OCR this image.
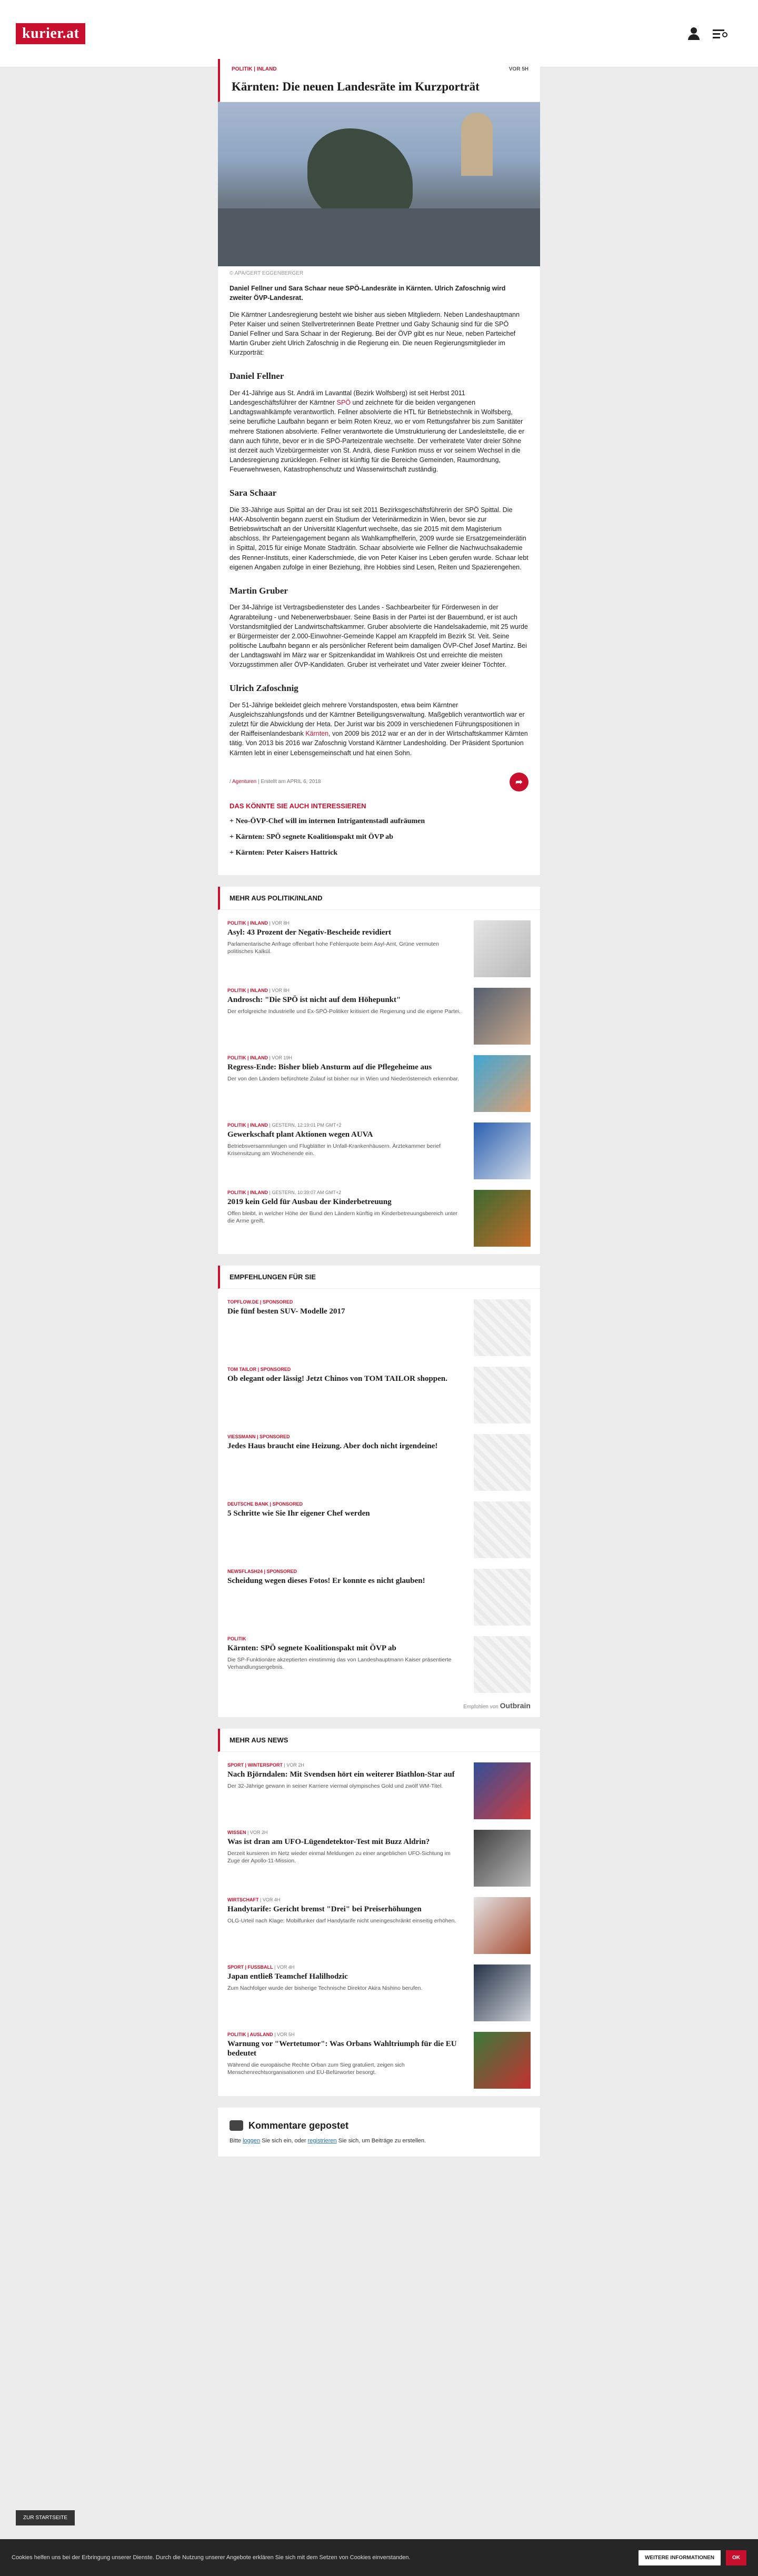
kurier.at
POLITIK | INLAND	VOR 5H
Kärnten: Die neuen Landesräte im Kurzporträt
© APA/GERT EGGENBERGER

Daniel Fellner und Sara Schaar neue SPÖ-Landesräte in Kärnten. Ulrich Zafoschnig wird zweiter ÖVP-Landesrat.

Die Kärntner Landesregierung besteht wie bisher aus sieben Mitgliedern. Neben Landeshauptmann Peter Kaiser und seinen Stellvertreterinnen Beate Prettner und Gaby Schaunig sind für die SPÖ Daniel Fellner und Sara Schaar in der Regierung. Bei der ÖVP gibt es nur Neue, neben Parteichef Martin Gruber zieht Ulrich Zafoschnig in die Regierung ein. Die neuen Regierungsmitglieder im Kurzporträt:

Daniel Fellner

Der 41-Jährige aus St. Andrä im Lavanttal (Bezirk Wolfsberg) ist seit Herbst 2011 Landesgeschäftsführer der Kärntner SPÖ und zeichnete für die beiden vergangenen Landtagswahlkämpfe verantwortlich. Fellner absolvierte die HTL für Betriebstechnik in Wolfsberg, seine berufliche Laufbahn begann er beim Roten Kreuz, wo er vom Rettungsfahrer bis zum Sanitäter mehrere Stationen absolvierte. Fellner verantwortete die Umstrukturierung der Landesleitstelle, die er dann auch führte, bevor er in die SPÖ-Parteizentrale wechselte. Der verheiratete Vater dreier Söhne ist derzeit auch Vizebürgermeister von St. Andrä, diese Funktion muss er vor seinem Wechsel in die Landesregierung zurücklegen. Fellner ist künftig für die Bereiche Gemeinden, Raumordnung, Feuerwehrwesen, Katastrophenschutz und Wasserwirtschaft zuständig.

Sara Schaar

Die 33-Jährige aus Spittal an der Drau ist seit 2011 Bezirksgeschäftsführerin der SPÖ Spittal. Die HAK-Absolventin begann zuerst ein Studium der Veterinärmedizin in Wien, bevor sie zur Betriebswirtschaft an der Universität Klagenfurt wechselte, das sie 2015 mit dem Magisterium abschloss. Ihr Parteiengagement begann als Wahlkampfhelferin, 2009 wurde sie Ersatzgemeinderätin in Spittal, 2015 für einige Monate Stadträtin. Schaar absolvierte wie Fellner die Nachwuchsakademie des Renner-Instituts, einer Kaderschmiede, die von Peter Kaiser ins Leben gerufen wurde. Schaar lebt eigenen Angaben zufolge in einer Beziehung, ihre Hobbies sind Lesen, Reiten und Spazierengehen.

Martin Gruber

Der 34-Jährige ist Vertragsbediensteter des Landes - Sachbearbeiter für Förderwesen in der Agrarabteilung - und Nebenerwerbsbauer. Seine Basis in der Partei ist der Bauernbund, er ist auch Vorstandsmitglied der Landwirtschaftskammer. Gruber absolvierte die Handelsakademie, mit 25 wurde er Bürgermeister der 2.000-Einwohner-Gemeinde Kappel am Krappfeld im Bezirk St. Veit. Seine politische Laufbahn begann er als persönlicher Referent beim damaligen ÖVP-Chef Josef Martinz. Bei der Landtagswahl im März war er Spitzenkandidat im Wahlkreis Ost und erreichte die meisten Vorzugsstimmen aller ÖVP-Kandidaten. Gruber ist verheiratet und Vater zweier kleiner Töchter.

Ulrich Zafoschnig

Der 51-Jährige bekleidet gleich mehrere Vorstandsposten, etwa beim Kärntner Ausgleichszahlungsfonds und der Kärntner Beteiligungsverwaltung. Maßgeblich verantwortlich war er zuletzt für die Abwicklung der Heta. Der Jurist war bis 2009 in verschiedenen Führungspositionen in der Raiffeisenlandesbank Kärnten, von 2009 bis 2012 war er an der in der Wirtschaftskammer Kärnten tätig. Von 2013 bis 2016 war Zafoschnig Vorstand Kärntner Landesholding. Der Präsident Sportunion Kärnten lebt in einer Lebensgemeinschaft und hat einen Sohn.

/ Agenturen | Erstellt am APRIL 6, 2018	➦
DAS KÖNNTE SIE AUCH INTERESSIEREN
+ Neo-ÖVP-Chef will im internen Intrigantenstadl aufräumen
+ Kärnten: SPÖ segnete Koalitionspakt mit ÖVP ab
+ Kärnten: Peter Kaisers Hattrick
MEHR AUS POLITIK/INLAND
POLITIK | INLAND | VOR 8H
Asyl: 43 Prozent der Negativ-Bescheide revidiert

Parlamentarische Anfrage offenbart hohe Fehlerquote beim Asyl-Amt, Grüne vermuten politisches Kalkül.

POLITIK | INLAND | VOR 8H
Androsch: "Die SPÖ ist nicht auf dem Höhepunkt"

Der erfolgreiche Industrielle und Ex-SPÖ-Politiker kritisiert die Regierung und die eigene Partei.

POLITIK | INLAND | VOR 19H
Regress-Ende: Bisher blieb Ansturm auf die Pflegeheime aus

Der von den Ländern befürchtete Zulauf ist bisher nur in Wien und Niederösterreich erkennbar.

POLITIK | INLAND | GESTERN, 12:19:01 PM GMT+2
Gewerkschaft plant Aktionen wegen AUVA

Betriebsversammlungen und Flugblätter in Unfall-Krankenhäusern. Ärztekammer berief Krisensitzung am Wochenende ein.

POLITIK | INLAND | GESTERN, 10:39:07 AM GMT+2
2019 kein Geld für Ausbau der Kinderbetreuung

Offen bleibt, in welcher Höhe der Bund den Ländern künftig im Kinderbetreuungsbereich unter die Arme greift.

EMPFEHLUNGEN FÜR SIE
TOPFLOW.DE | SPONSORED
Die fünf besten SUV- Modelle 2017
TOM TAILOR | SPONSORED
Ob elegant oder lässig! Jetzt Chinos von TOM TAILOR shoppen.
VIESSMANN | SPONSORED
Jedes Haus braucht eine Heizung. Aber doch nicht irgendeine!
DEUTSCHE BANK | SPONSORED
5 Schritte wie Sie Ihr eigener Chef werden
NEWSFLASH24 | SPONSORED
Scheidung wegen dieses Fotos! Er konnte es nicht glauben!
POLITIK
Kärnten: SPÖ segnete Koalitionspakt mit ÖVP ab

Die SP-Funktionäre akzeptierten einstimmig das von Landeshauptmann Kaiser präsentierte Verhandlungsergebnis.

Empfohlen von Outbrain
MEHR AUS NEWS
SPORT | WINTERSPORT | VOR 2H
Nach Björndalen: Mit Svendsen hört ein weiterer Biathlon-Star auf

Der 32-Jährige gewann in seiner Karriere viermal olympisches Gold und zwölf WM-Titel.

WISSEN | VOR 2H
Was ist dran am UFO-Lügendetektor-Test mit Buzz Aldrin?

Derzeit kursieren im Netz wieder einmal Meldungen zu einer angeblichen UFO-Sichtung im Zuge der Apollo-11-Mission.

WIRTSCHAFT | VOR 4H
Handytarife: Gericht bremst "Drei" bei Preiserhöhungen

OLG-Urteil nach Klage: Mobilfunker darf Handytarife nicht uneingeschränkt einseitig erhöhen.

SPORT | FUSSBALL | VOR 4H
Japan entließ Teamchef Halilhodzic

Zum Nachfolger wurde der bisherige Technische Direktor Akira Nishino berufen.

POLITIK | AUSLAND | VOR 5H
Warnung vor "Wertetumor": Was Orbans Wahltriumph für die EU bedeutet

Während die europäische Rechte Orban zum Sieg gratuliert, zeigen sich Menschenrechtsorganisationen und EU-Befürworter besorgt.

Kommentare gepostet
Bitte loggen Sie sich ein, oder registrieren Sie sich, um Beiträge zu erstellen.
ZUR STARTSEITE
Cookies helfen uns bei der Erbringung unserer Dienste. Durch die Nutzung unserer Angebote erklären Sie sich mit dem Setzen von Cookies einverstanden.	WEITERE INFORMATIONEN	OK
